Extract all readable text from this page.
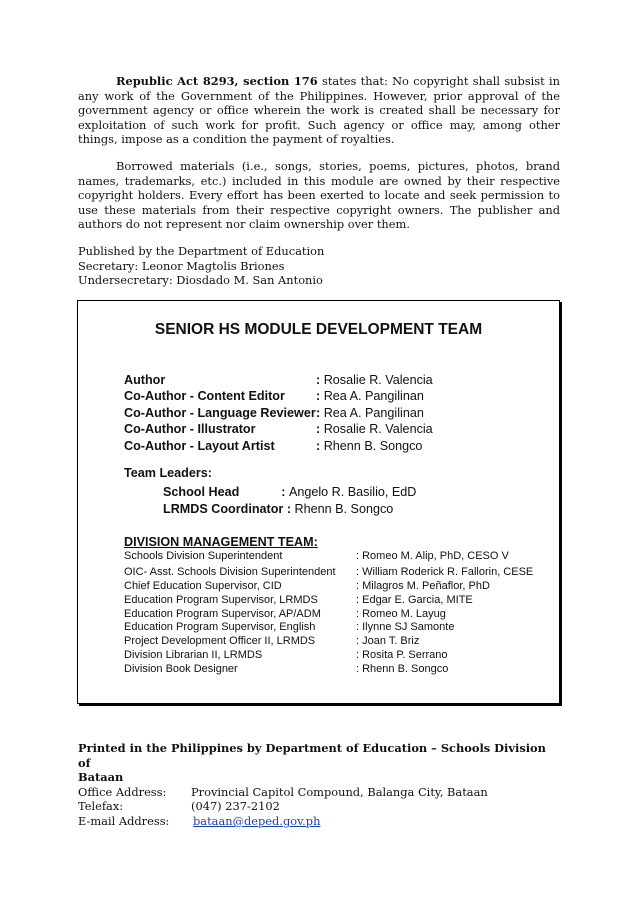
Republic Act 8293, section 176 states that: No copyright shall subsist in any work of the Government of the Philippines. However, prior approval of the government agency or office wherein the work is created shall be necessary for exploitation of such work for profit. Such agency or office may, among other things, impose as a condition the payment of royalties.

Borrowed materials (i.e., songs, stories, poems, pictures, photos, brand names, trademarks, etc.) included in this module are owned by their respective copyright holders. Every effort has been exerted to locate and seek permission to use these materials from their respective copyright owners. The publisher and authors do not represent nor claim ownership over them.

Published by the Department of Education

Secretary: Leonor Magtolis Briones

Undersecretary: Diosdado M. San Antonio

SENIOR HS MODULE DEVELOPMENT TEAM
Author	: Rosalie R. Valencia
Co-Author - Content Editor	: Rea A. Pangilinan
Co-Author - Language Reviewer : Rea A. Pangilinan
Co-Author - Illustrator	: Rosalie R. Valencia
Co-Author - Layout Artist	: Rhenn B. Songco
Team Leaders:
School Head            : Angelo R. Basilio, EdD
LRMDS Coordinator : Rhenn B. Songco
DIVISION MANAGEMENT TEAM:
Schools Division Superintendent	: Romeo M. Alip, PhD, CESO V
OIC- Asst. Schools Division Superintendent	: William Roderick R. Fallorin, CESE
Chief Education Supervisor, CID	: Milagros M. Peñaflor, PhD
Education Program Supervisor, LRMDS	: Edgar E. Garcia, MITE
Education Program Supervisor, AP/ADM	: Romeo M. Layug
Education Program Supervisor, English	: Ilynne SJ Samonte
Project Development Officer II, LRMDS	: Joan T. Briz
Division Librarian II, LRMDS	: Rosita P. Serrano
Division Book Designer	: Rhenn B. Songco

Printed in the Philippines by Department of Education – Schools Division of

Bataan

Office Address:	Provincial Capitol Compound, Balanga City, Bataan
Telefax:	(047) 237-2102
E-mail Address:	bataan@deped.gov.ph
